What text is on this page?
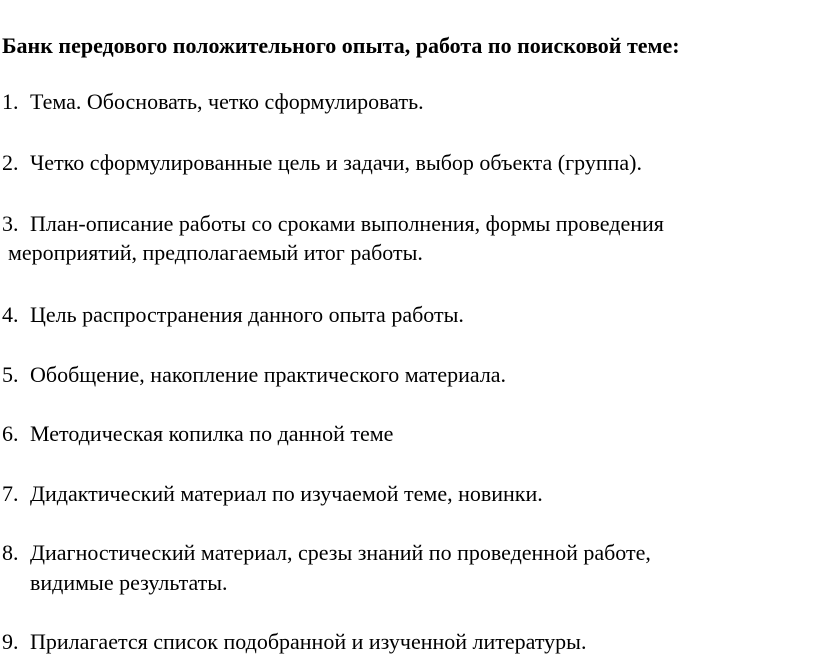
Банк передового положительного опыта, работа по поисковой теме:
1. Тема. Обосновать, четко сформулировать.
2. Четко сформулированные цель и задачи, выбор объекта (группа).
3. План-описание работы со сроками выполнения, формы проведения
мероприятий, предполагаемый итог работы.
4. Цель распространения данного опыта работы.
5. Обобщение, накопление практического материала.
6. Методическая копилка по данной теме
7. Дидактический материал по изучаемой теме, новинки.
8. Диагностический материал, срезы знаний по проведенной работе,
видимые результаты.
9. Прилагается список подобранной и изученной литературы.
